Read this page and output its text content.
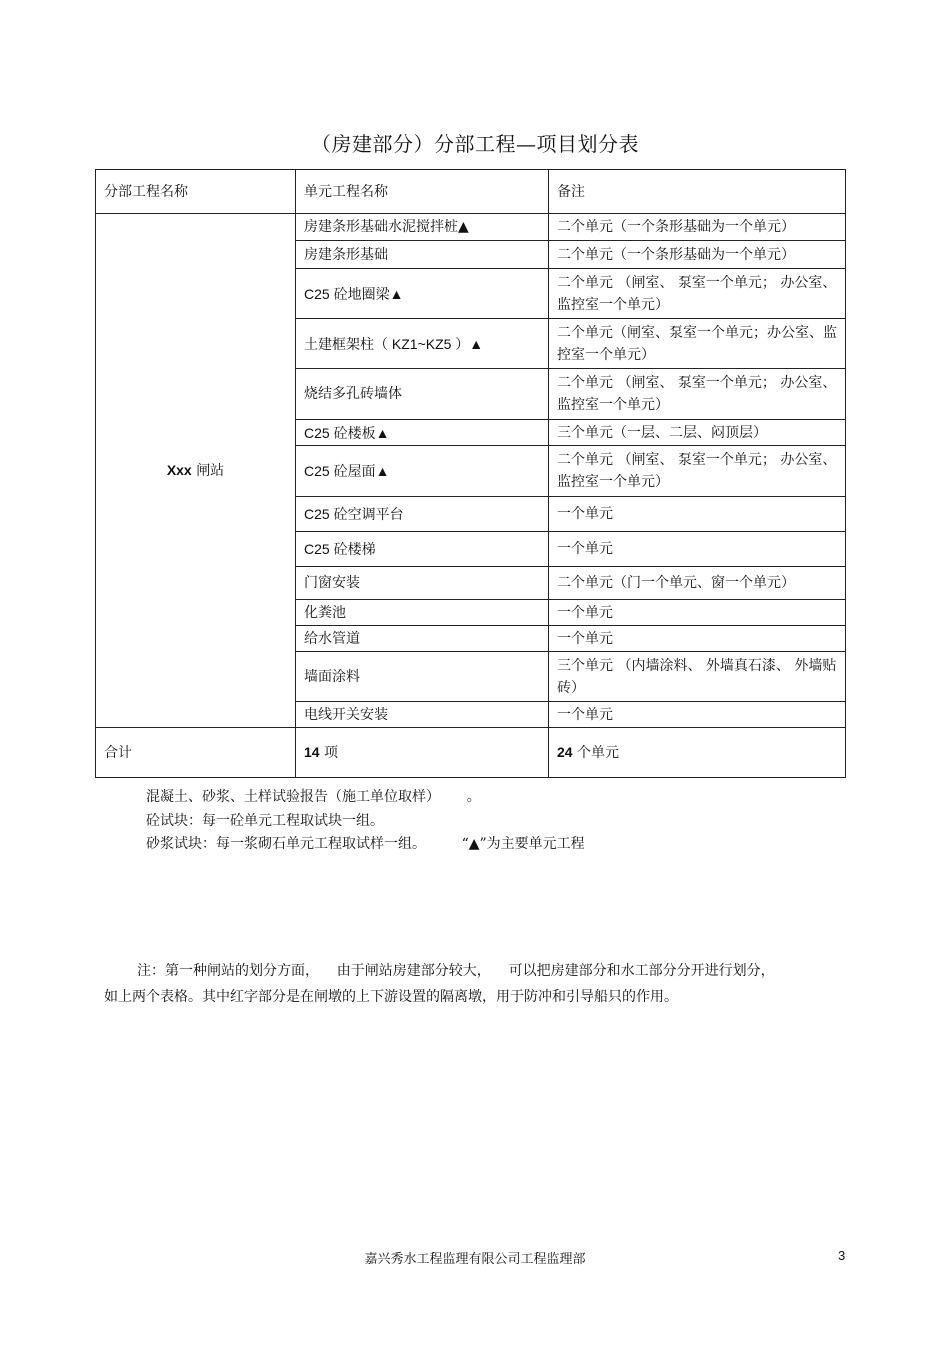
（房建部分）分部工程—项目划分表
分部工程名称	单元工程名称	备注
Xxx 闸站	房建条形基础水泥搅拌桩▲	二个单元（一个条形基础为一个单元）
	房建条形基础	二个单元（一个条形基础为一个单元）
	C25 砼地圈梁▲	二个单元 （闸室、 泵室一个单元； 办公室、监控室一个单元）
	土建框架柱（ KZ1~KZ5 ）▲	二个单元（闸室、泵室一个单元；办公室、监控室一个单元）
	烧结多孔砖墙体	二个单元 （闸室、 泵室一个单元； 办公室、监控室一个单元）
	C25 砼楼板▲	三个单元（一层、二层、闷顶层）
	C25 砼屋面▲	二个单元 （闸室、 泵室一个单元； 办公室、监控室一个单元）
	C25 砼空调平台	一个单元
	C25 砼楼梯	一个单元
	门窗安装	二个单元（门一个单元、窗一个单元）
	化粪池	一个单元
	给水管道	一个单元
	墙面涂料	三个单元 （内墙涂料、 外墙真石漆、 外墙贴砖）
	电线开关安装	一个单元
合计	14 项	24 个单元
混凝土、砂浆、土样试验报告（施工单位取样）      。
砼试块：每一砼单元工程取试块一组。
砂浆试块：每一浆砌石单元工程取试样一组。        “▲”为主要单元工程
注：第一种闸站的划分方面，    由于闸站房建部分较大，    可以把房建部分和水工部分分开进行划分，
如上两个表格。其中红字部分是在闸墩的上下游设置的隔离墩，用于防冲和引导船只的作用。
嘉兴秀水工程监理有限公司工程监理部	3
